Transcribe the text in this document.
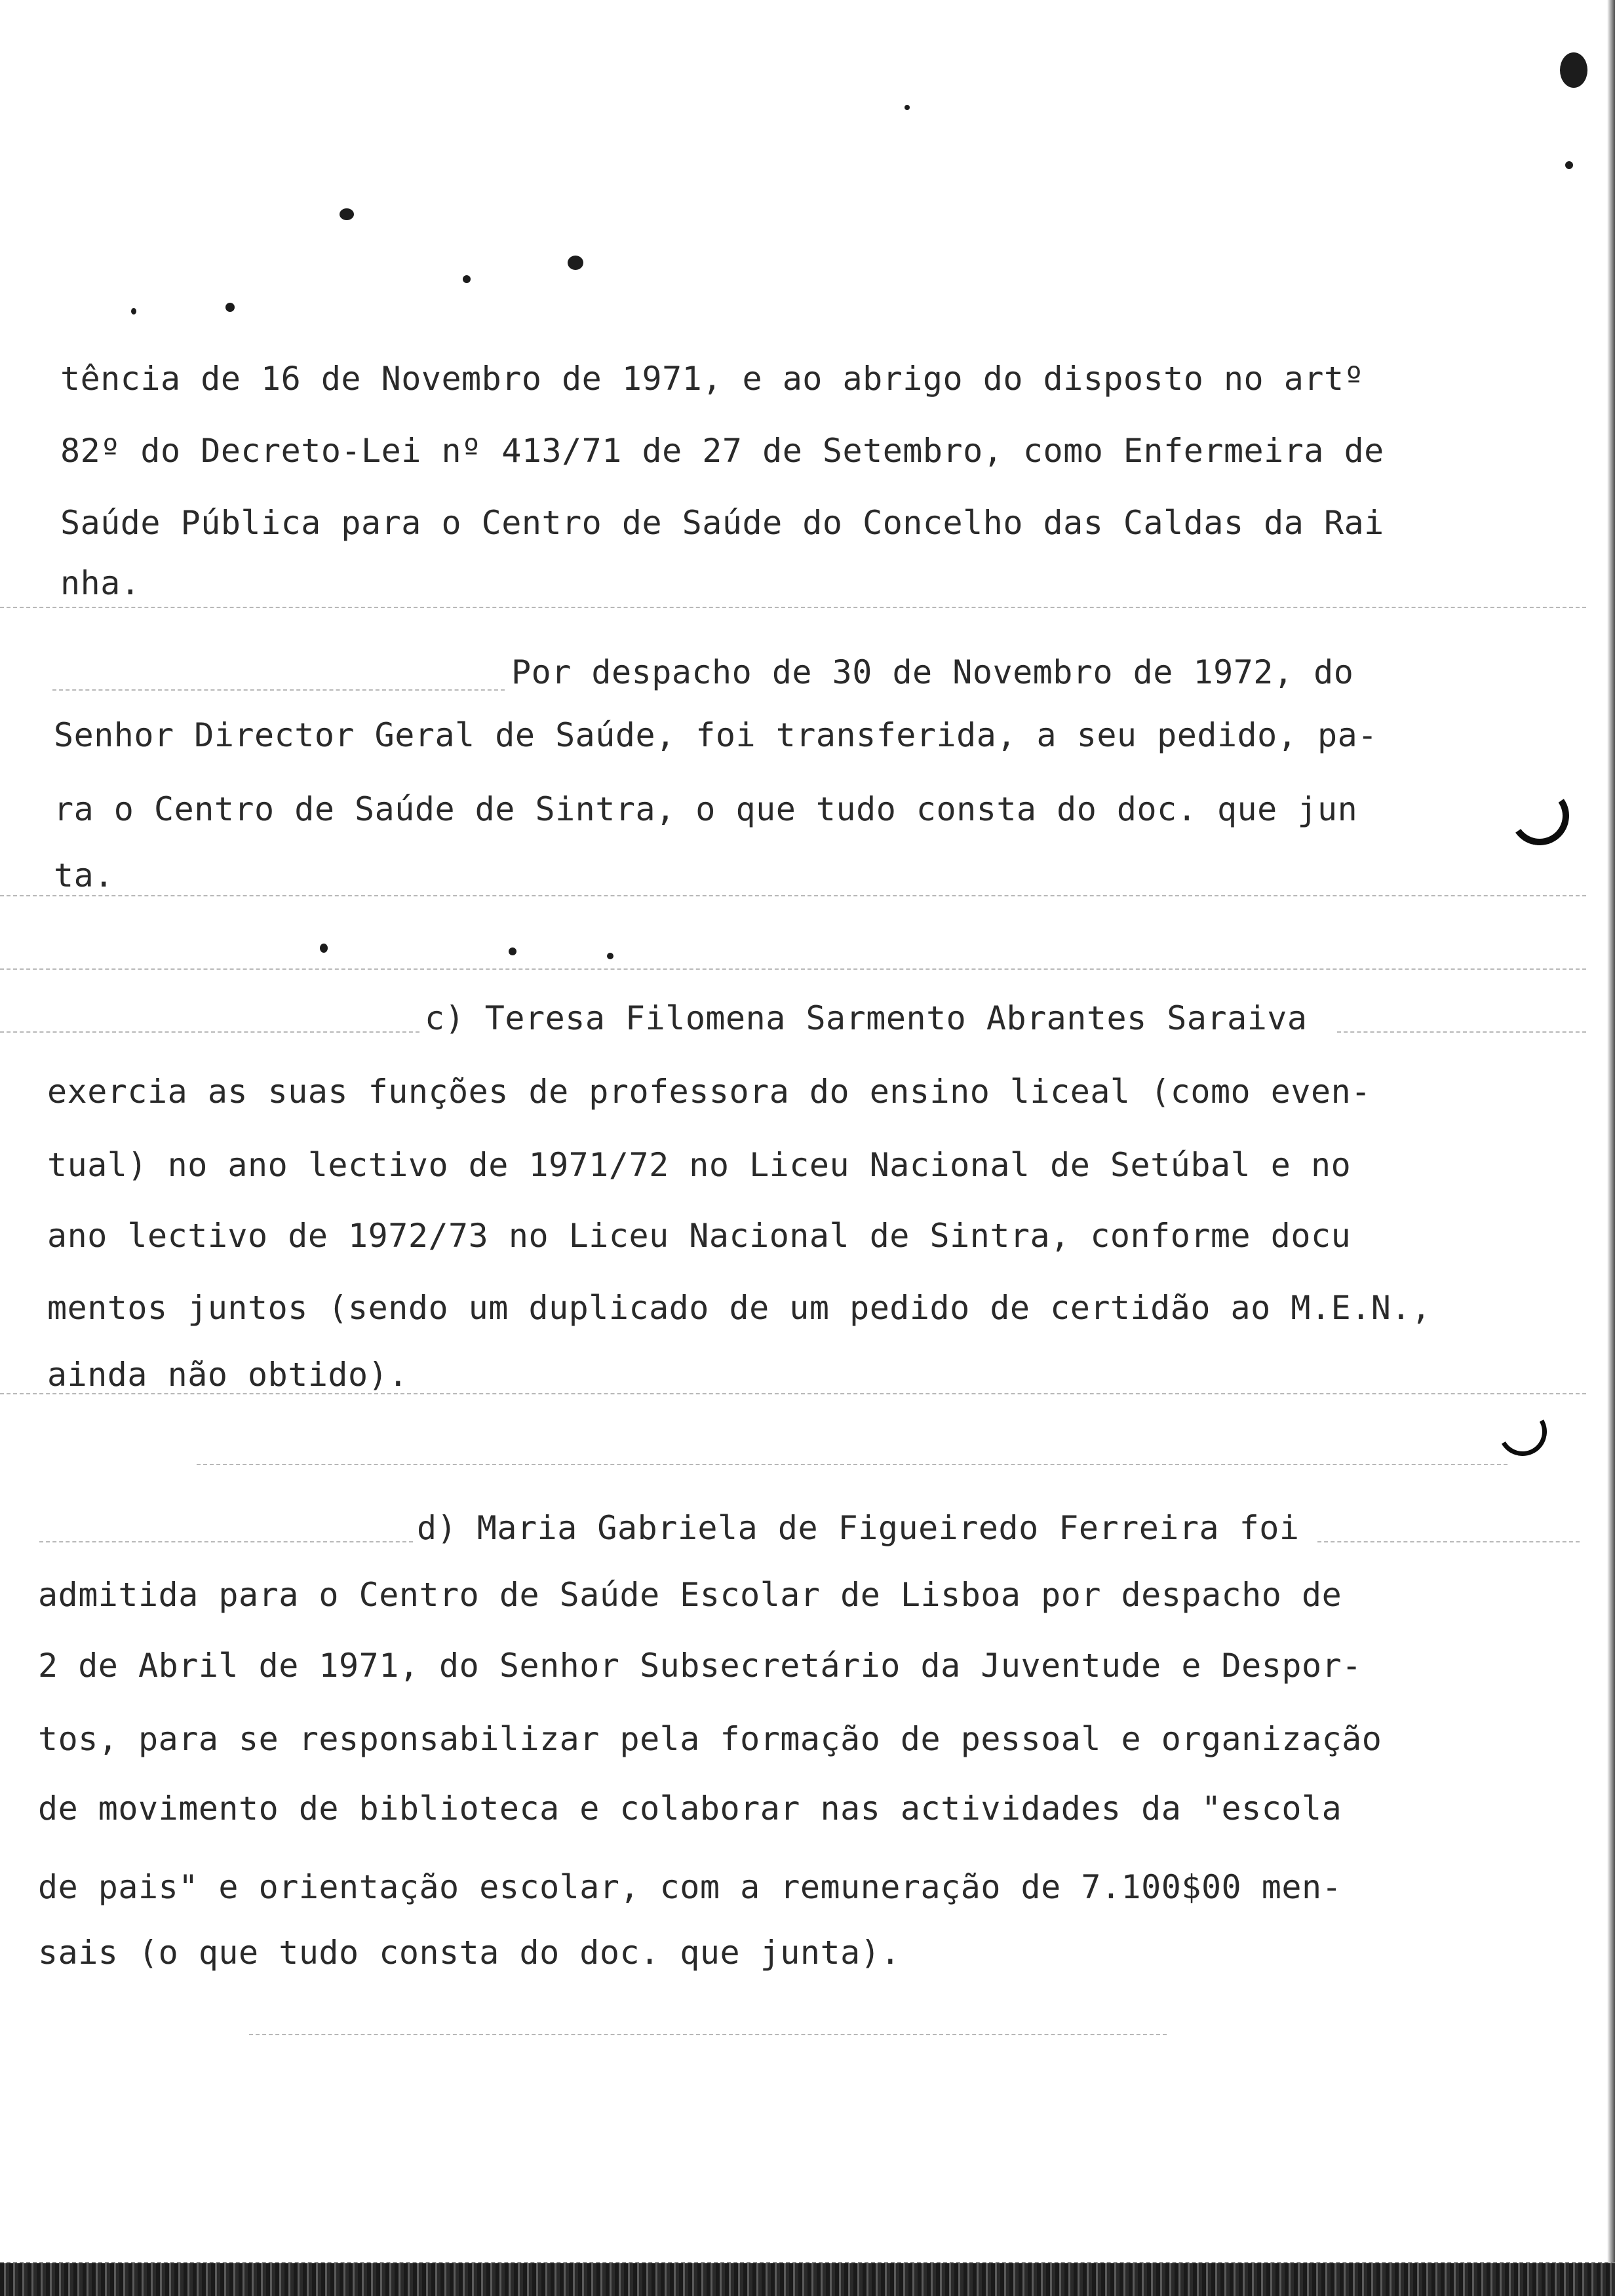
tência de 16 de Novembro de 1971, e ao abrigo do disposto no artº
82º do Decreto-Lei nº 413/71 de 27 de Setembro, como Enfermeira de
Saúde Pública para o Centro de Saúde do Concelho das Caldas da Rai
nha.
Por despacho de 30 de Novembro de 1972, do
Senhor Director Geral de Saúde, foi transferida, a seu pedido, pa-
ra o Centro de Saúde de Sintra, o que tudo consta do doc. que jun
ta.
c) Teresa Filomena Sarmento Abrantes Saraiva
exercia as suas funções de professora do ensino liceal (como even-
tual) no ano lectivo de 1971/72 no Liceu Nacional de Setúbal e no
ano lectivo de 1972/73 no Liceu Nacional de Sintra, conforme docu
mentos juntos (sendo um duplicado de um pedido de certidão ao M.E.N.,
ainda não obtido).
d) Maria Gabriela de Figueiredo Ferreira foi
admitida para o Centro de Saúde Escolar de Lisboa por despacho de
2 de Abril de 1971, do Senhor Subsecretário da Juventude e Despor-
tos, para se responsabilizar pela formação de pessoal e organização
de movimento de biblioteca e colaborar nas actividades da "escola
de pais" e orientação escolar, com a remuneração de 7.100$00 men-
sais (o que tudo consta do doc. que junta).
